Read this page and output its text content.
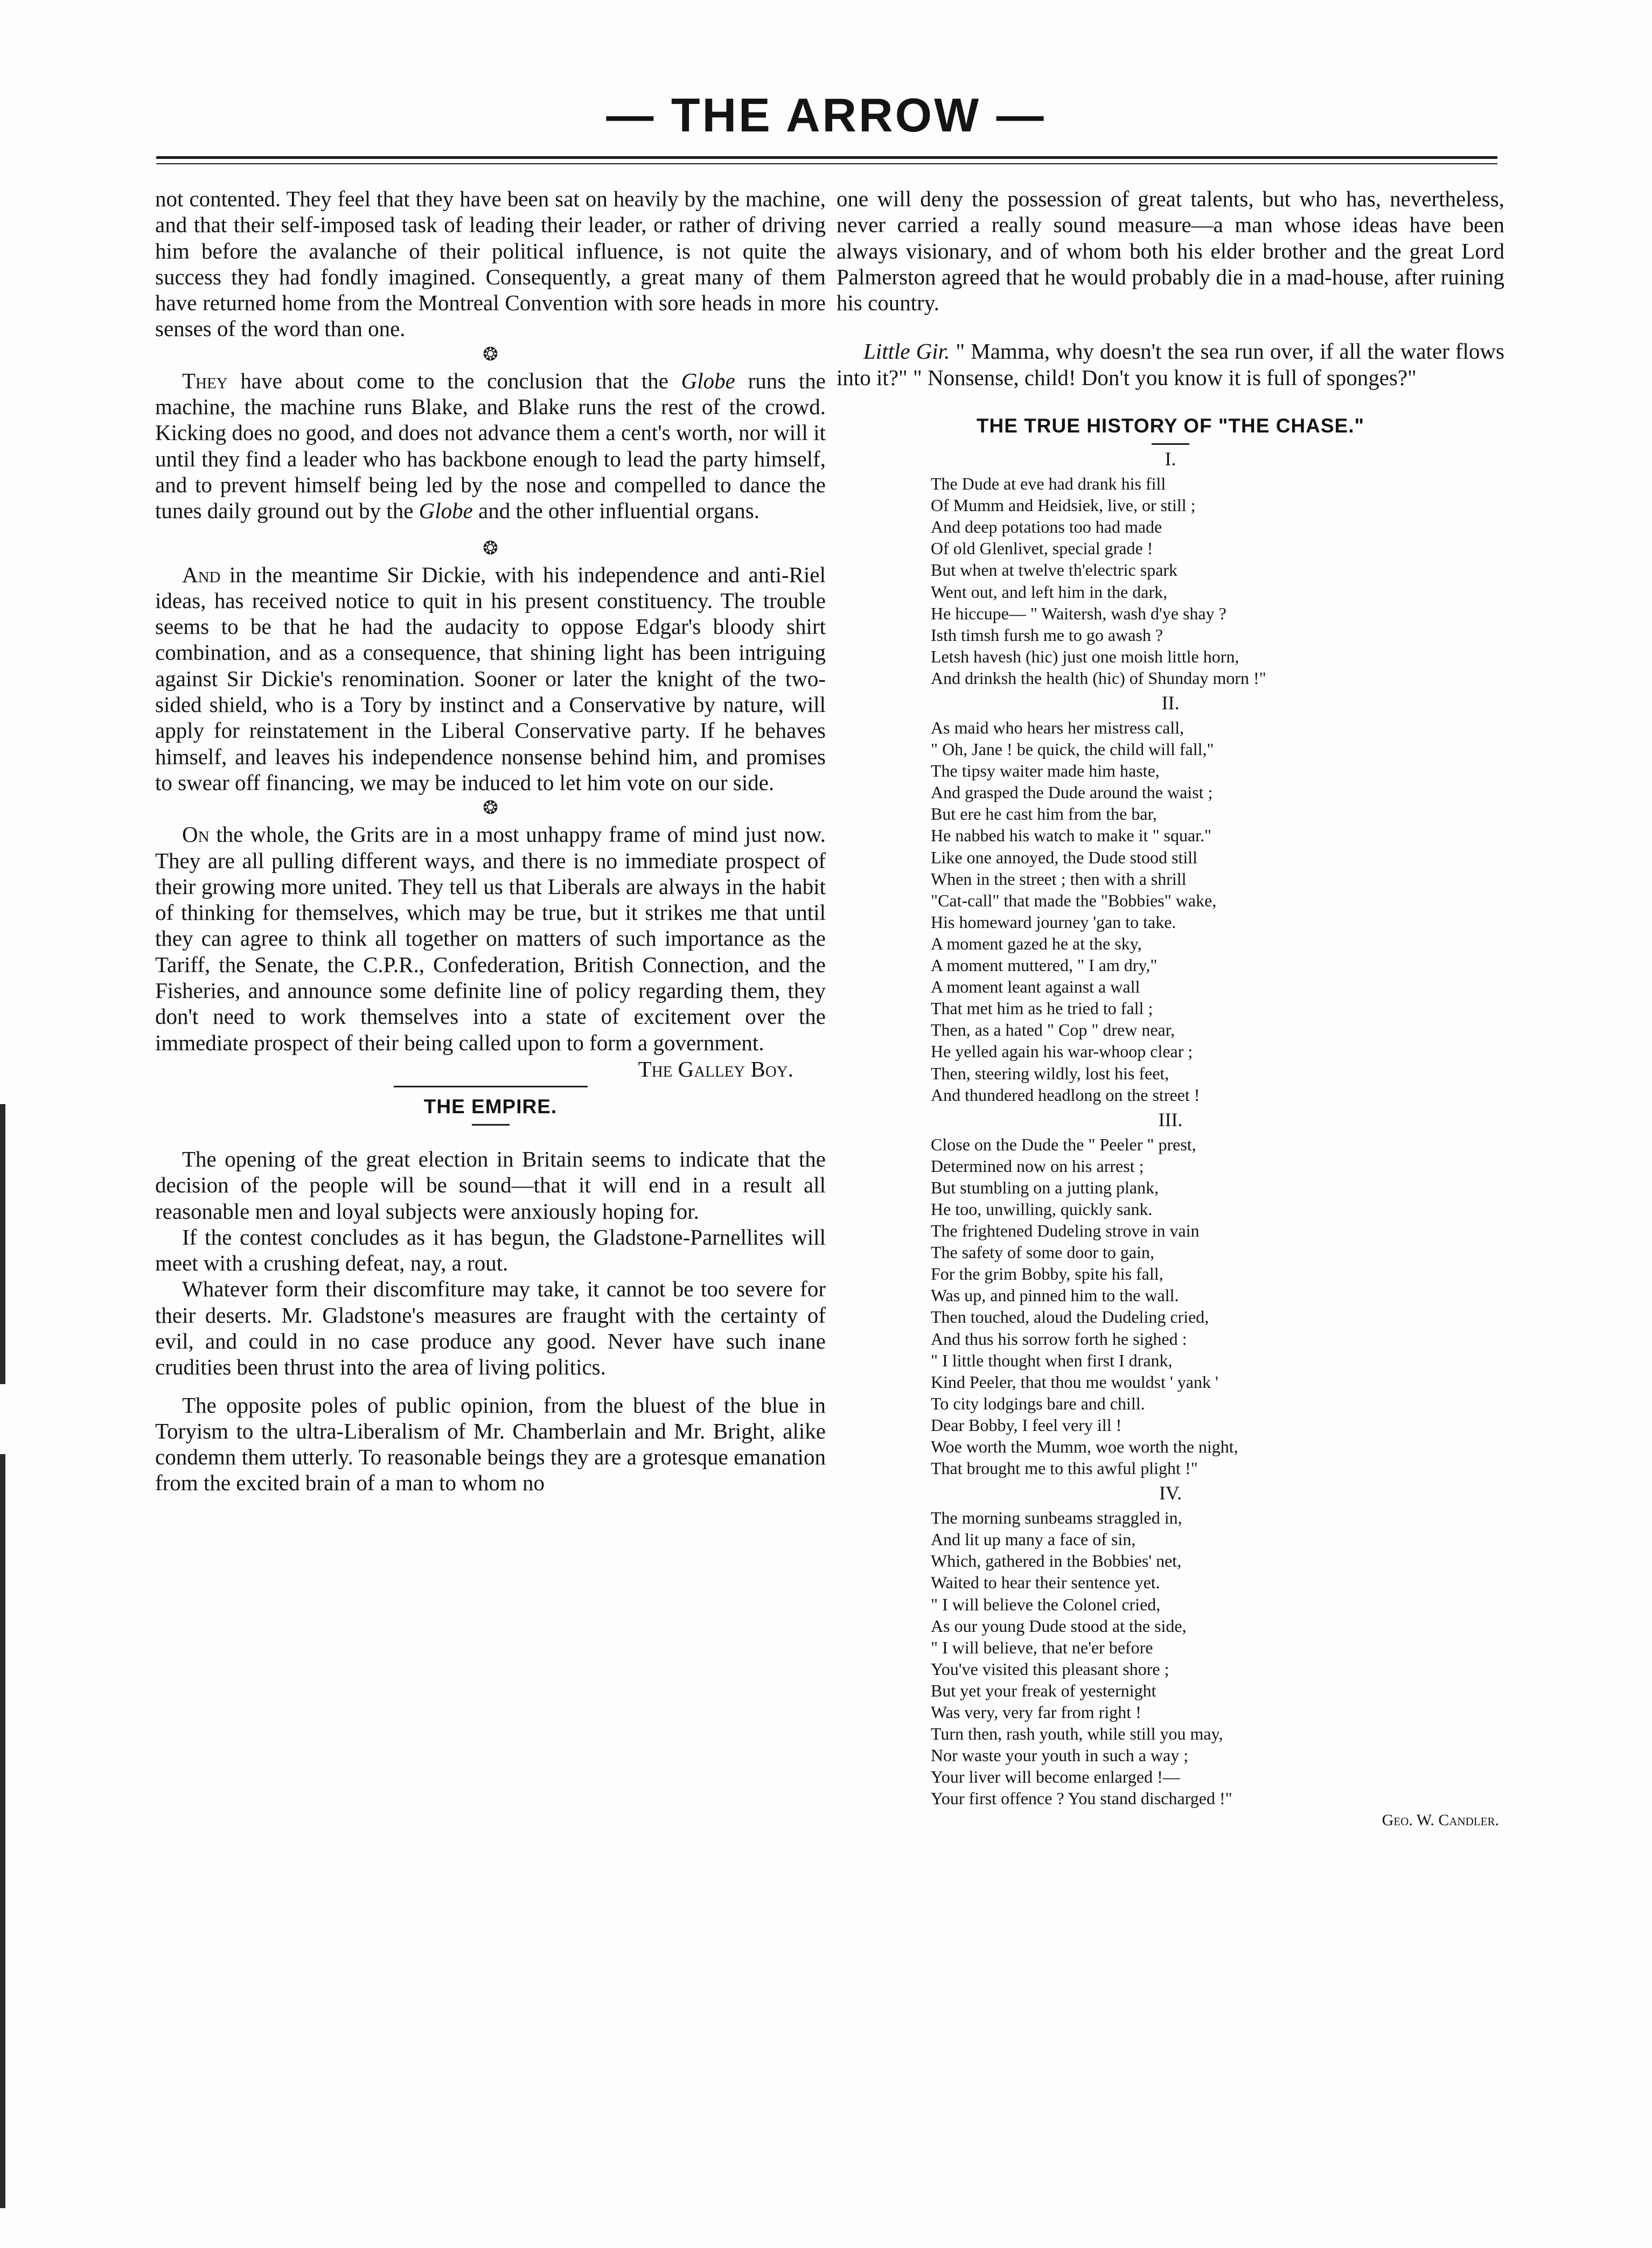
— THE ARROW —

not contented. They feel that they have been sat on heavily by the machine, and that their self-imposed task of leading their leader, or rather of driving him before the avalanche of their political influence, is not quite the success they had fondly imagined. Consequently, a great many of them have returned home from the Montreal Convention with sore heads in more senses of the word than one.

❂

They have about come to the conclusion that the Globe runs the machine, the machine runs Blake, and Blake runs the rest of the crowd. Kicking does no good, and does not advance them a cent's worth, nor will it until they find a leader who has backbone enough to lead the party himself, and to prevent himself being led by the nose and compelled to dance the tunes daily ground out by the Globe and the other influential organs.

❂

And in the meantime Sir Dickie, with his independence and anti-Riel ideas, has received notice to quit in his present constituency. The trouble seems to be that he had the audacity to oppose Edgar's bloody shirt combination, and as a consequence, that shining light has been intriguing against Sir Dickie's renomination. Sooner or later the knight of the two-sided shield, who is a Tory by instinct and a Conservative by nature, will apply for reinstatement in the Liberal Conservative party. If he behaves himself, and leaves his independence nonsense behind him, and promises to swear off financing, we may be induced to let him vote on our side.

❂

On the whole, the Grits are in a most unhappy frame of mind just now. They are all pulling different ways, and there is no immediate prospect of their growing more united. They tell us that Liberals are always in the habit of thinking for themselves, which may be true, but it strikes me that until they can agree to think all together on matters of such importance as the Tariff, the Senate, the C.P.R., Confederation, British Connection, and the Fisheries, and announce some definite line of policy regarding them, they don't need to work themselves into a state of excitement over the immediate prospect of their being called upon to form a government.

The Galley Boy.

THE EMPIRE.

The opening of the great election in Britain seems to indicate that the decision of the people will be sound—that it will end in a result all reasonable men and loyal subjects were anxiously hoping for.

If the contest concludes as it has begun, the Gladstone-Parnellites will meet with a crushing defeat, nay, a rout.

Whatever form their discomfiture may take, it cannot be too severe for their deserts. Mr. Gladstone's measures are fraught with the certainty of evil, and could in no case produce any good. Never have such inane crudities been thrust into the area of living politics.

The opposite poles of public opinion, from the bluest of the blue in Toryism to the ultra-Liberalism of Mr. Chamberlain and Mr. Bright, alike condemn them utterly. To reasonable beings they are a grotesque emanation from the excited brain of a man to whom no

one will deny the possession of great talents, but who has, nevertheless, never carried a really sound measure—a man whose ideas have been always visionary, and of whom both his elder brother and the great Lord Palmerston agreed that he would probably die in a mad-house, after ruining his country.

Little Gir. " Mamma, why doesn't the sea run over, if all the water flows into it?" " Nonsense, child! Don't you know it is full of sponges?"

THE TRUE HISTORY OF "THE CHASE."

I.

The Dude at eve had drank his fill
Of Mumm and Heidsiek, live, or still ;
And deep potations too had made
Of old Glenlivet, special grade !
But when at twelve th'electric spark
Went out, and left him in the dark,
He hiccupe— " Waitersh, wash d'ye shay ?
Isth timsh fursh me to go awash ?
Letsh havesh (hic) just one moish little horn,
And drinksh the health (hic) of Shunday morn !"

II.

As maid who hears her mistress call,
" Oh, Jane ! be quick, the child will fall,"
The tipsy waiter made him haste,
And grasped the Dude around the waist ;
But ere he cast him from the bar,
He nabbed his watch to make it " squar."
Like one annoyed, the Dude stood still
When in the street ; then with a shrill
"Cat-call" that made the "Bobbies" wake,
His homeward journey 'gan to take.
A moment gazed he at the sky,
A moment muttered, " I am dry,"
A moment leant against a wall
That met him as he tried to fall ;
Then, as a hated " Cop " drew near,
He yelled again his war-whoop clear ;
Then, steering wildly, lost his feet,
And thundered headlong on the street !

III.

Close on the Dude the " Peeler " prest,
Determined now on his arrest ;
But stumbling on a jutting plank,
He too, unwilling, quickly sank.
The frightened Dudeling strove in vain
The safety of some door to gain,
For the grim Bobby, spite his fall,
Was up, and pinned him to the wall.
Then touched, aloud the Dudeling cried,
And thus his sorrow forth he sighed :
" I little thought when first I drank,
Kind Peeler, that thou me wouldst ' yank '
To city lodgings bare and chill.
Dear Bobby, I feel very ill !
Woe worth the Mumm, woe worth the night,
That brought me to this awful plight !"

IV.

The morning sunbeams straggled in,
And lit up many a face of sin,
Which, gathered in the Bobbies' net,
Waited to hear their sentence yet.
" I will believe the Colonel cried,
As our young Dude stood at the side,
" I will believe, that ne'er before
You've visited this pleasant shore ;
But yet your freak of yesternight
Was very, very far from right !
Turn then, rash youth, while still you may,
Nor waste your youth in such a way ;
Your liver will become enlarged !—
Your first offence ? You stand discharged !"

Geo. W. Candler.
